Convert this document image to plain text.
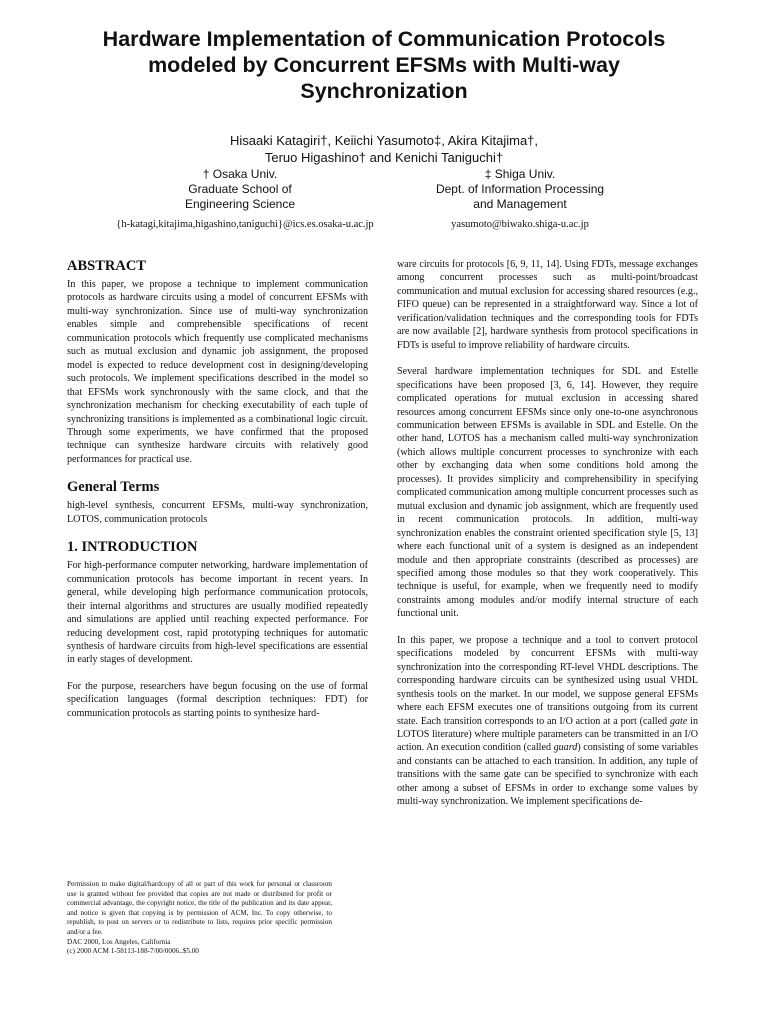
Hardware Implementation of Communication Protocols
modeled by Concurrent EFSMs with Multi-way
Synchronization
Hisaaki Katagiri†, Keiichi Yasumoto‡, Akira Kitajima†,
Teruo Higashino† and Kenichi Taniguchi†
† Osaka Univ.
Graduate School of
Engineering Science
‡ Shiga Univ.
Dept. of Information Processing
and Management
{h-katagi,kitajima,higashino,taniguchi}@ics.es.osaka-u.ac.jp	yasumoto@biwako.shiga-u.ac.jp
ABSTRACT

In this paper, we propose a technique to implement communication protocols as hardware circuits using a model of concurrent EFSMs with multi-way synchronization. Since use of multi-way synchronization enables simple and comprehensible specifications of recent communication protocols which frequently use complicated mechanisms such as mutual exclusion and dynamic job assignment, the proposed model is expected to reduce development cost in designing/developing such protocols. We implement specifications described in the model so that EFSMs work synchronously with the same clock, and that the synchronization mechanism for checking executability of each tuple of synchronizing transitions is implemented as a combinational logic circuit. Through some experiments, we have confirmed that the proposed technique can synthesize hardware circuits with relatively good performances for practical use.

General Terms

high-level synthesis, concurrent EFSMs, multi-way synchronization, LOTOS, communication protocols

1. INTRODUCTION

For high-performance computer networking, hardware implementation of communication protocols has become important in recent years. In general, while developing high performance communication protocols, their internal algorithms and structures are usually modified repeatedly and simulations are applied until reaching expected performance. For reducing development cost, rapid prototyping techniques for automatic synthesis of hardware circuits from high-level specifications are essential in early stages of development.

For the purpose, researchers have begun focusing on the use of formal specification languages (formal description techniques: FDT) for communication protocols as starting points to synthesize hard-

Permission to make digital/hardcopy of all or part of this work for personal or classroom use is granted without fee provided that copies are not made or distributed for profit or commercial advantage, the copyright notice, the title of the publication and its date appear, and notice is given that copying is by permission of ACM, Inc. To copy otherwise, to republish, to post on servers or to redistribute to lists, requires prior specific permission and/or a fee.
DAC 2000, Los Angeles, California
(c) 2000 ACM 1-58113-188-7/00/0006..$5.00

ware circuits for protocols [6, 9, 11, 14]. Using FDTs, message exchanges among concurrent processes such as multi-point/broadcast communication and mutual exclusion for accessing shared resources (e.g., FIFO queue) can be represented in a straightforward way. Since a lot of verification/validation techniques and the corresponding tools for FDTs are now available [2], hardware synthesis from protocol specifications in FDTs is useful to improve reliability of hardware circuits.

Several hardware implementation techniques for SDL and Estelle specifications have been proposed [3, 6, 14]. However, they require complicated operations for mutual exclusion in accessing shared resources among concurrent EFSMs since only one-to-one asynchronous communication between EFSMs is available in SDL and Estelle. On the other hand, LOTOS has a mechanism called multi-way synchronization (which allows multiple concurrent processes to synchronize with each other by exchanging data when some conditions hold among the processes). It provides simplicity and comprehensibility in specifying complicated communication among multiple concurrent processes such as mutual exclusion and dynamic job assignment, which are frequently used in recent communication protocols. In addition, multi-way synchronization enables the constraint oriented specification style [5, 13] where each functional unit of a system is designed as an independent module and then appropriate constraints (described as processes) are specified among those modules so that they work cooperatively. This technique is useful, for example, when we frequently need to modify constraints among modules and/or modify internal structure of each functional unit.

In this paper, we propose a technique and a tool to convert protocol specifications modeled by concurrent EFSMs with multi-way synchronization into the corresponding RT-level VHDL descriptions. The corresponding hardware circuits can be synthesized using usual VHDL synthesis tools on the market. In our model, we suppose general EFSMs where each EFSM executes one of transitions outgoing from its current state. Each transition corresponds to an I/O action at a port (called gate in LOTOS literature) where multiple parameters can be transmitted in an I/O action. An execution condition (called guard) consisting of some variables and constants can be attached to each transition. In addition, any tuple of transitions with the same gate can be specified to synchronize with each other among a subset of EFSMs in order to exchange some values by multi-way synchronization. We implement specifications de-
